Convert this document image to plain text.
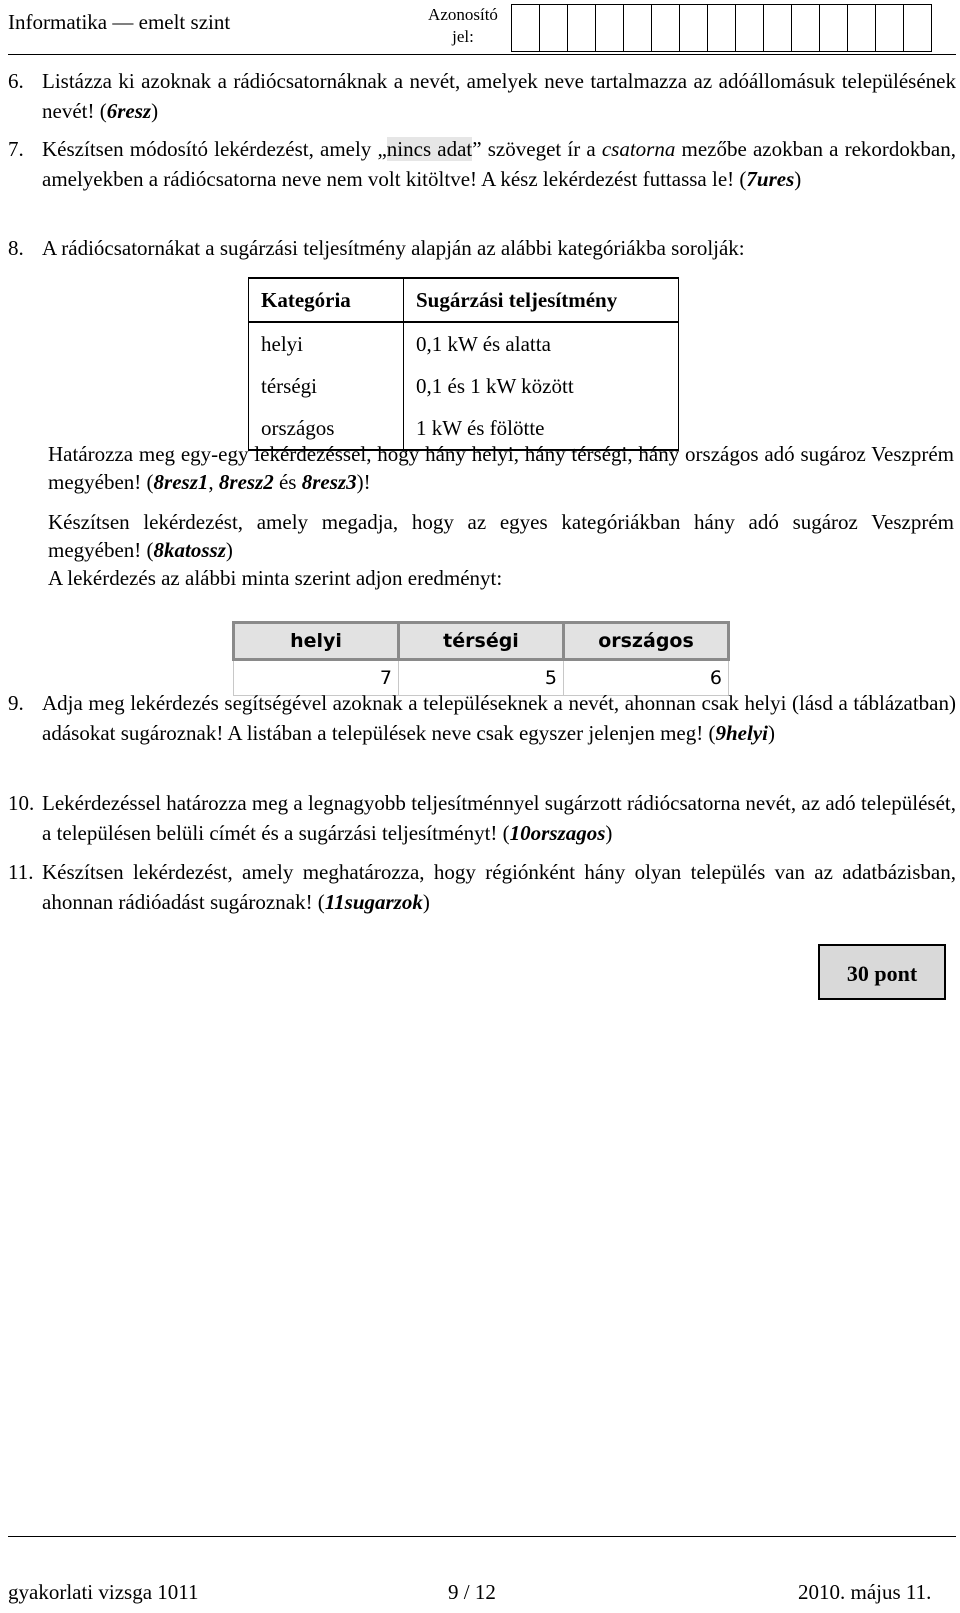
Informatika — emelt szint	Azonosító
jel:
6. Listázza ki azoknak a rádiócsatornáknak a nevét, amelyek neve tartalmazza az adóállomásuk településének nevét! (6resz)
7. Készítsen módosító lekérdezést, amely „nincs adat” szöveget ír a csatorna mezőbe azokban a rekordokban, amelyekben a rádiócsatorna neve nem volt kitöltve! A kész lekérdezést futtassa le! (7ures)
8. A rádiócsatornákat a sugárzási teljesítmény alapján az alábbi kategóriákba sorolják:
Kategória	Sugárzási teljesítmény
helyi	0,1 kW és alatta
térségi	0,1 és 1 kW között
országos	1 kW és fölötte
Határozza meg egy-egy lekérdezéssel, hogy hány helyi, hány térségi, hány országos adó sugároz Veszprém megyében! (8resz1, 8resz2 és 8resz3)!
Készítsen lekérdezést, amely megadja, hogy az egyes kategóriákban hány adó sugároz Veszprém megyében! (8katossz)
A lekérdezés az alábbi minta szerint adjon eredményt:
helyi	térségi	országos
7	5	6
9. Adja meg lekérdezés segítségével azoknak a településeknek a nevét, ahonnan csak helyi (lásd a táblázatban) adásokat sugároznak! A listában a települések neve csak egyszer jelenjen meg! (9helyi)
10. Lekérdezéssel határozza meg a legnagyobb teljesítménnyel sugárzott rádiócsatorna nevét, az adó települését, a településen belüli címét és a sugárzási teljesítményt! (10orszagos)
11. Készítsen lekérdezést, amely meghatározza, hogy régiónként hány olyan település van az adatbázisban, ahonnan rádióadást sugároznak! (11sugarzok)
30 pont
gyakorlati vizsga 1011	9 / 12	2010. május 11.
